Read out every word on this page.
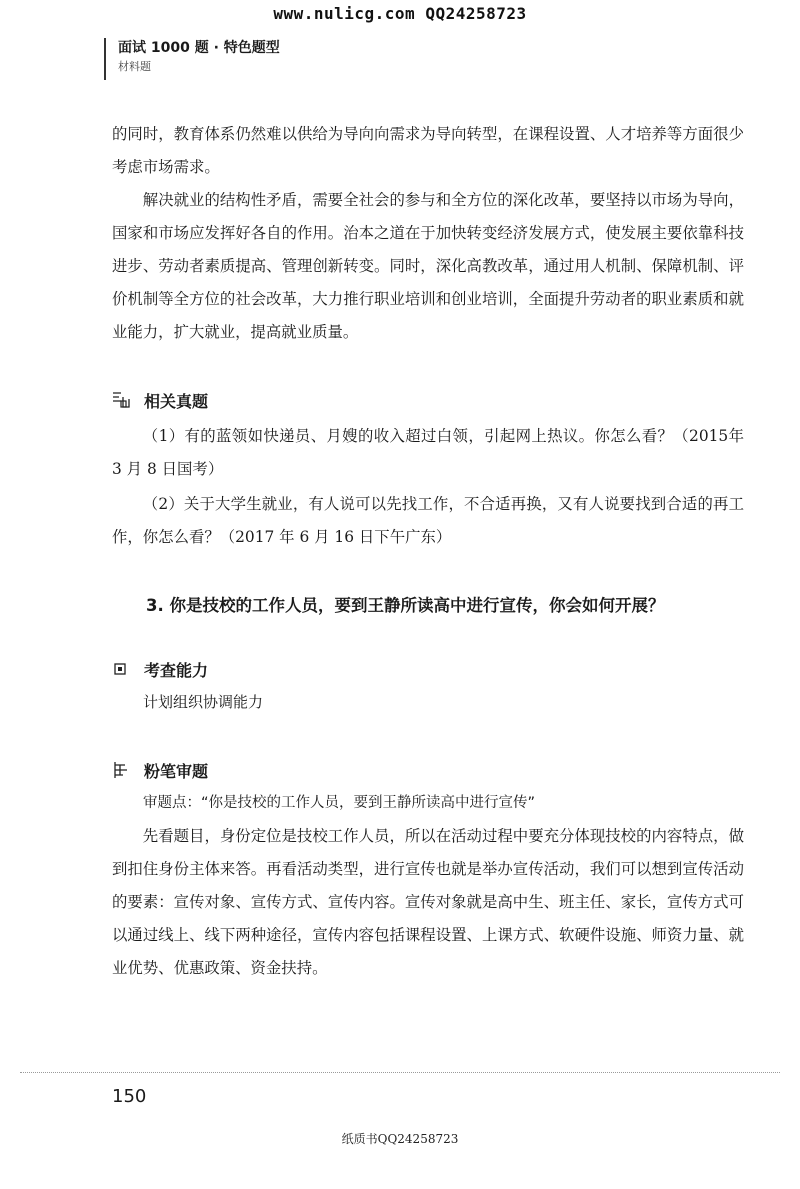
www.nulicg.com QQ24258723
面试 1000 题 · 特色题型
材料题
的同时，教育体系仍然难以供给为导向向需求为导向转型，在课程设置、人才培养等方面很少考虑市场需求。
解决就业的结构性矛盾，需要全社会的参与和全方位的深化改革，要坚持以市场为导向，国家和市场应发挥好各自的作用。治本之道在于加快转变经济发展方式，使发展主要依靠科技进步、劳动者素质提高、管理创新转变。同时，深化高教改革，通过用人机制、保障机制、评价机制等全方位的社会改革，大力推行职业培训和创业培训，全面提升劳动者的职业素质和就业能力，扩大就业，提高就业质量。
相关真题
（1）有的蓝领如快递员、月嫂的收入超过白领，引起网上热议。你怎么看？（2015年 3 月 8 日国考）
（2）关于大学生就业，有人说可以先找工作，不合适再换，又有人说要找到合适的再工作，你怎么看？（2017 年 6 月 16 日下午广东）
3. 你是技校的工作人员，要到王静所读高中进行宣传，你会如何开展？
考查能力
计划组织协调能力
粉笔审题
审题点：“你是技校的工作人员，要到王静所读高中进行宣传”
先看题目，身份定位是技校工作人员，所以在活动过程中要充分体现技校的内容特点，做到扣住身份主体来答。再看活动类型，进行宣传也就是举办宣传活动，我们可以想到宣传活动的要素：宣传对象、宣传方式、宣传内容。宣传对象就是高中生、班主任、家长，宣传方式可以通过线上、线下两种途径，宣传内容包括课程设置、上课方式、软硬件设施、师资力量、就业优势、优惠政策、资金扶持。
150
纸质书QQ24258723
